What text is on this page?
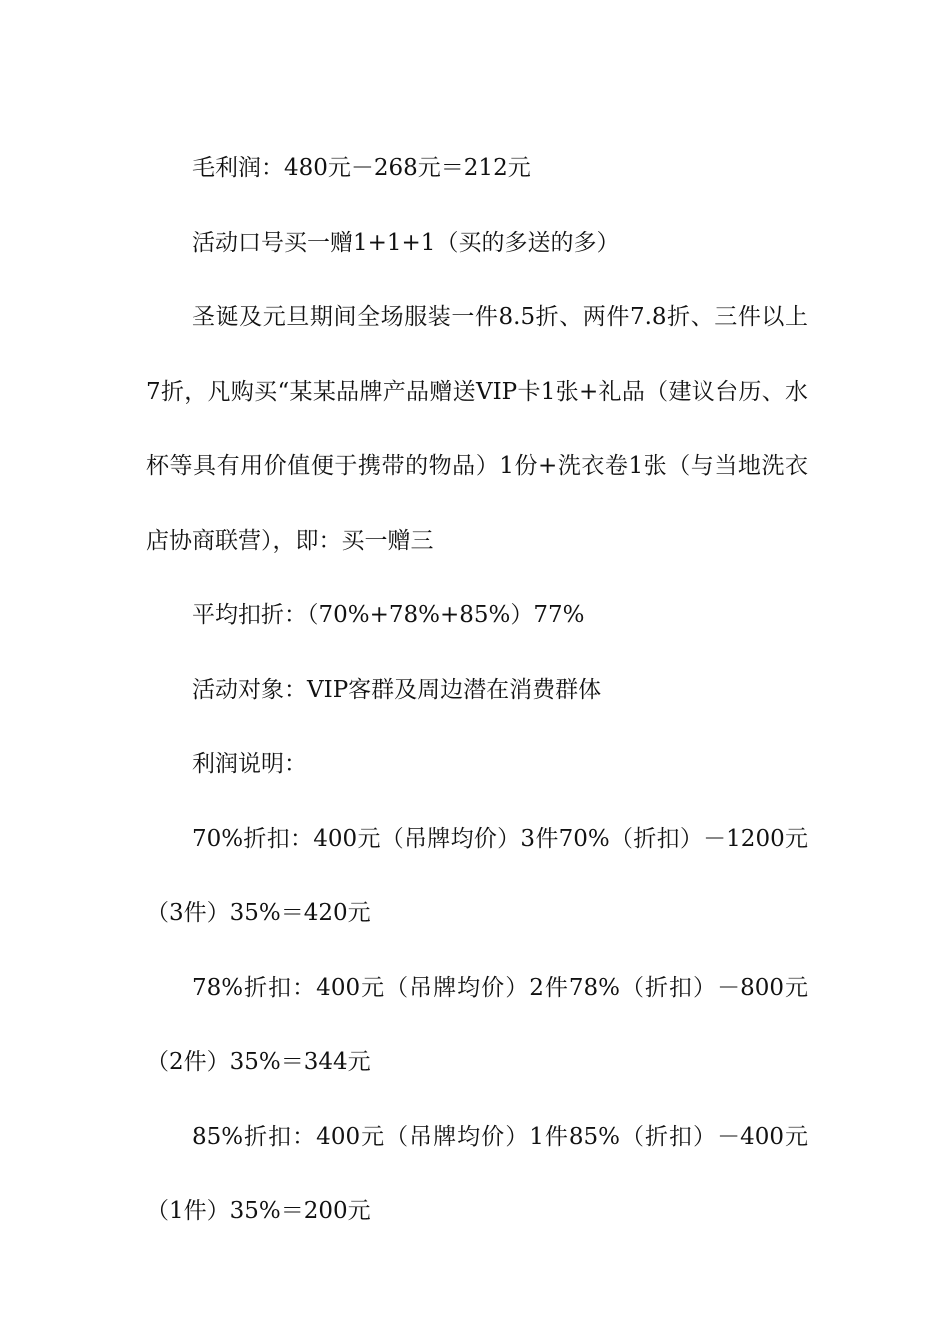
毛利润：480元－268元＝212元

活动口号买一赠1+1+1（买的多送的多）

圣诞及元旦期间全场服装一件8.5折、两件7.8折、三件以上7折，凡购买“某某品牌产品赠送VIP卡1张+礼品（建议台历、水杯等具有用价值便于携带的物品）1份+洗衣卷1张（与当地洗衣店协商联营），即：买一赠三

平均扣折：（70%+78%+85%）77%

活动对象：VIP客群及周边潜在消费群体

利润说明：

70%折扣：400元（吊牌均价）3件70%（折扣）－1200元（3件）35%＝420元

78%折扣：400元（吊牌均价）2件78%（折扣）－800元（2件）35%＝344元

85%折扣：400元（吊牌均价）1件85%（折扣）－400元（1件）35%＝200元
